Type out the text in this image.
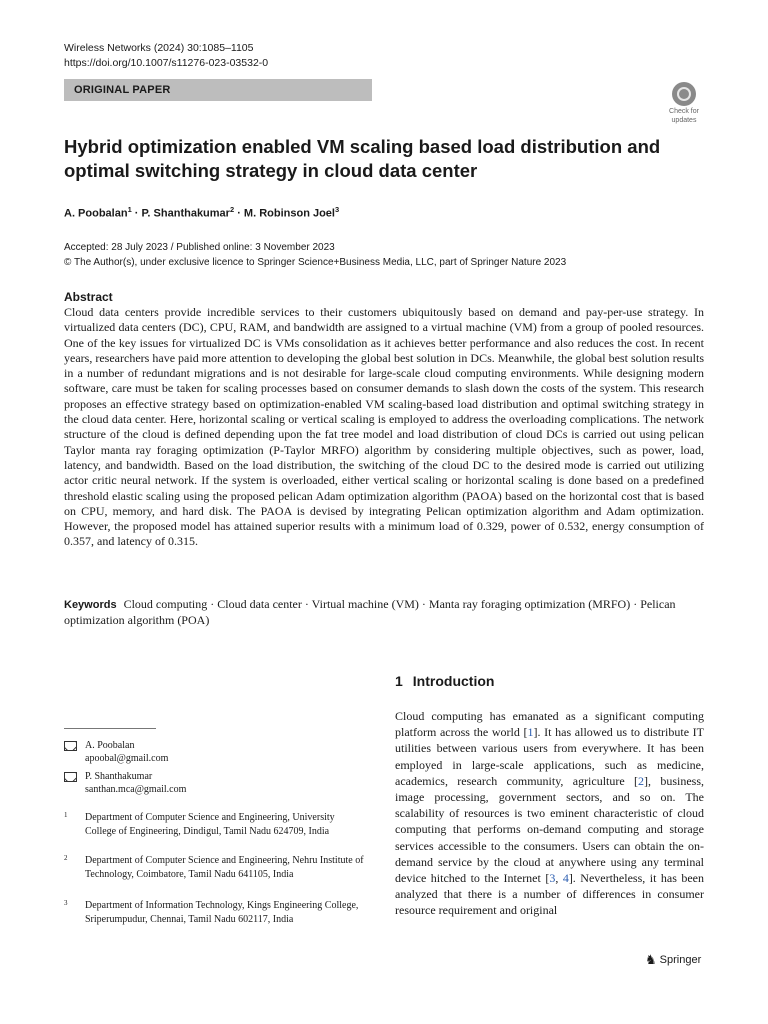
Wireless Networks (2024) 30:1085–1105
https://doi.org/10.1007/s11276-023-03532-0
ORIGINAL PAPER
Check for
updates
Hybrid optimization enabled VM scaling based load distribution and optimal switching strategy in cloud data center
A. Poobalan$^1$ · P. Shanthakumar$^2$ · M. Robinson Joel$^3$
Accepted: 28 July 2023 / Published online: 3 November 2023
© The Author(s), under exclusive licence to Springer Science+Business Media, LLC, part of Springer Nature 2023
Abstract
Cloud data centers provide incredible services to their customers ubiquitously based on demand and pay-per-use strategy. In virtualized data centers (DC), CPU, RAM, and bandwidth are assigned to a virtual machine (VM) from a group of pooled resources. One of the key issues for virtualized DC is VMs consolidation as it achieves better performance and also reduces the cost. In recent years, researchers have paid more attention to developing the global best solution in DCs. Meanwhile, the global best solution results in a number of redundant migrations and is not desirable for large-scale cloud computing environments. While designing modern software, care must be taken for scaling processes based on consumer demands to slash down the costs of the system. This research proposes an effective strategy based on optimization-enabled VM scaling-based load distribution and optimal switching strategy in the cloud data center. Here, horizontal scaling or vertical scaling is employed to address the overloading complications. The network structure of the cloud is defined depending upon the fat tree model and load distribution of cloud DCs is carried out using pelican Taylor manta ray foraging optimization (P-Taylor MRFO) algorithm by considering multiple objectives, such as power, load, latency, and bandwidth. Based on the load distribution, the switching of the cloud DC to the desired mode is carried out utilizing actor critic neural network. If the system is overloaded, either vertical scaling or horizontal scaling is done based on a predefined threshold elastic scaling using the proposed pelican Adam optimization algorithm (PAOA) based on the horizontal cost that is based on CPU, memory, and hard disk. The PAOA is devised by integrating Pelican optimization algorithm and Adam optimization. However, the proposed model has attained superior results with a minimum load of 0.329, power of 0.532, energy consumption of 0.357, and latency of 0.315.
Keywords Cloud computing · Cloud data center · Virtual machine (VM) · Manta ray foraging optimization (MRFO) · Pelican optimization algorithm (POA)
1 Introduction
Cloud computing has emanated as a significant computing platform across the world [1]. It has allowed us to distribute IT utilities between various users from everywhere. It has been employed in large-scale applications, such as medicine, academics, research community, agriculture [2], business, image processing, government sectors, and so on. The scalability of resources is two eminent characteristic of cloud computing that performs on-demand computing and storage services accessible to the consumers. Users can obtain the on-demand service by the cloud at anywhere using any terminal device hitched to the Internet [3, 4]. Nevertheless, it has been analyzed that there is a number of differences in consumer resource requirement and original
A. Poobalan
apoobal@gmail.com
P. Shanthakumar
santhan.mca@gmail.com
1 Department of Computer Science and Engineering, University College of Engineering, Dindigul, Tamil Nadu 624709, India
2 Department of Computer Science and Engineering, Nehru Institute of Technology, Coimbatore, Tamil Nadu 641105, India
3 Department of Information Technology, Kings Engineering College, Sriperumpudur, Chennai, Tamil Nadu 602117, India
♞ Springer
